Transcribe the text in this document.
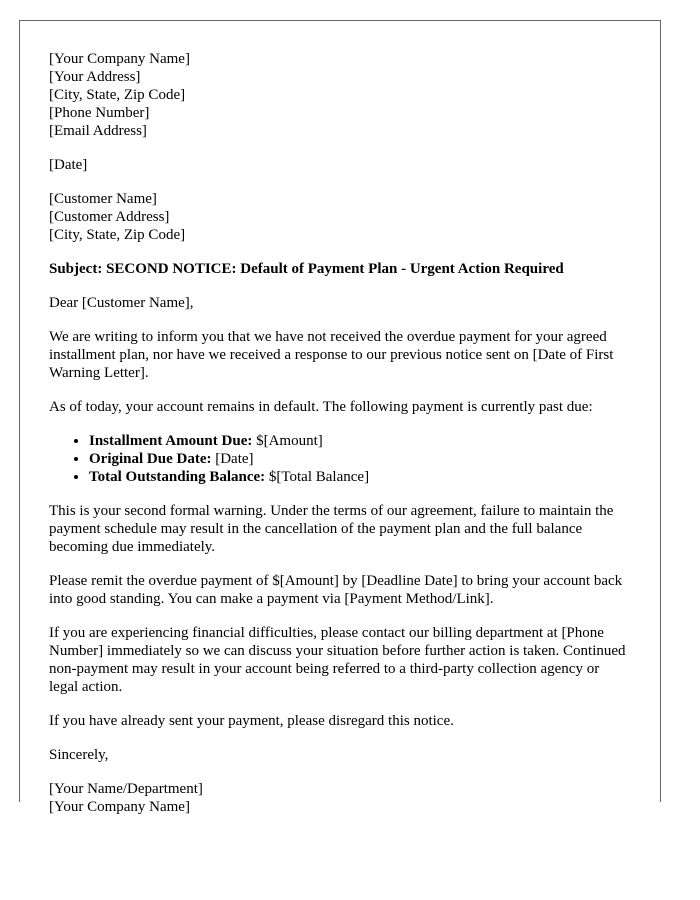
[Your Company Name]
[Your Address]
[City, State, Zip Code]
[Phone Number]
[Email Address]

[Date]

[Customer Name]
[Customer Address]
[City, State, Zip Code]

Subject: SECOND NOTICE: Default of Payment Plan - Urgent Action Required

Dear [Customer Name],

We are writing to inform you that we have not received the overdue payment for your agreed installment plan, nor have we received a response to our previous notice sent on [Date of First Warning Letter].

As of today, your account remains in default. The following payment is currently past due:

• Installment Amount Due: $[Amount]
• Original Due Date: [Date]
• Total Outstanding Balance: $[Total Balance]

This is your second formal warning. Under the terms of our agreement, failure to maintain the payment schedule may result in the cancellation of the payment plan and the full balance becoming due immediately.

Please remit the overdue payment of $[Amount] by [Deadline Date] to bring your account back into good standing. You can make a payment via [Payment Method/Link].

If you are experiencing financial difficulties, please contact our billing department at [Phone Number] immediately so we can discuss your situation before further action is taken. Continued non-payment may result in your account being referred to a third-party collection agency or legal action.

If you have already sent your payment, please disregard this notice.

Sincerely,

[Your Name/Department]
[Your Company Name]
